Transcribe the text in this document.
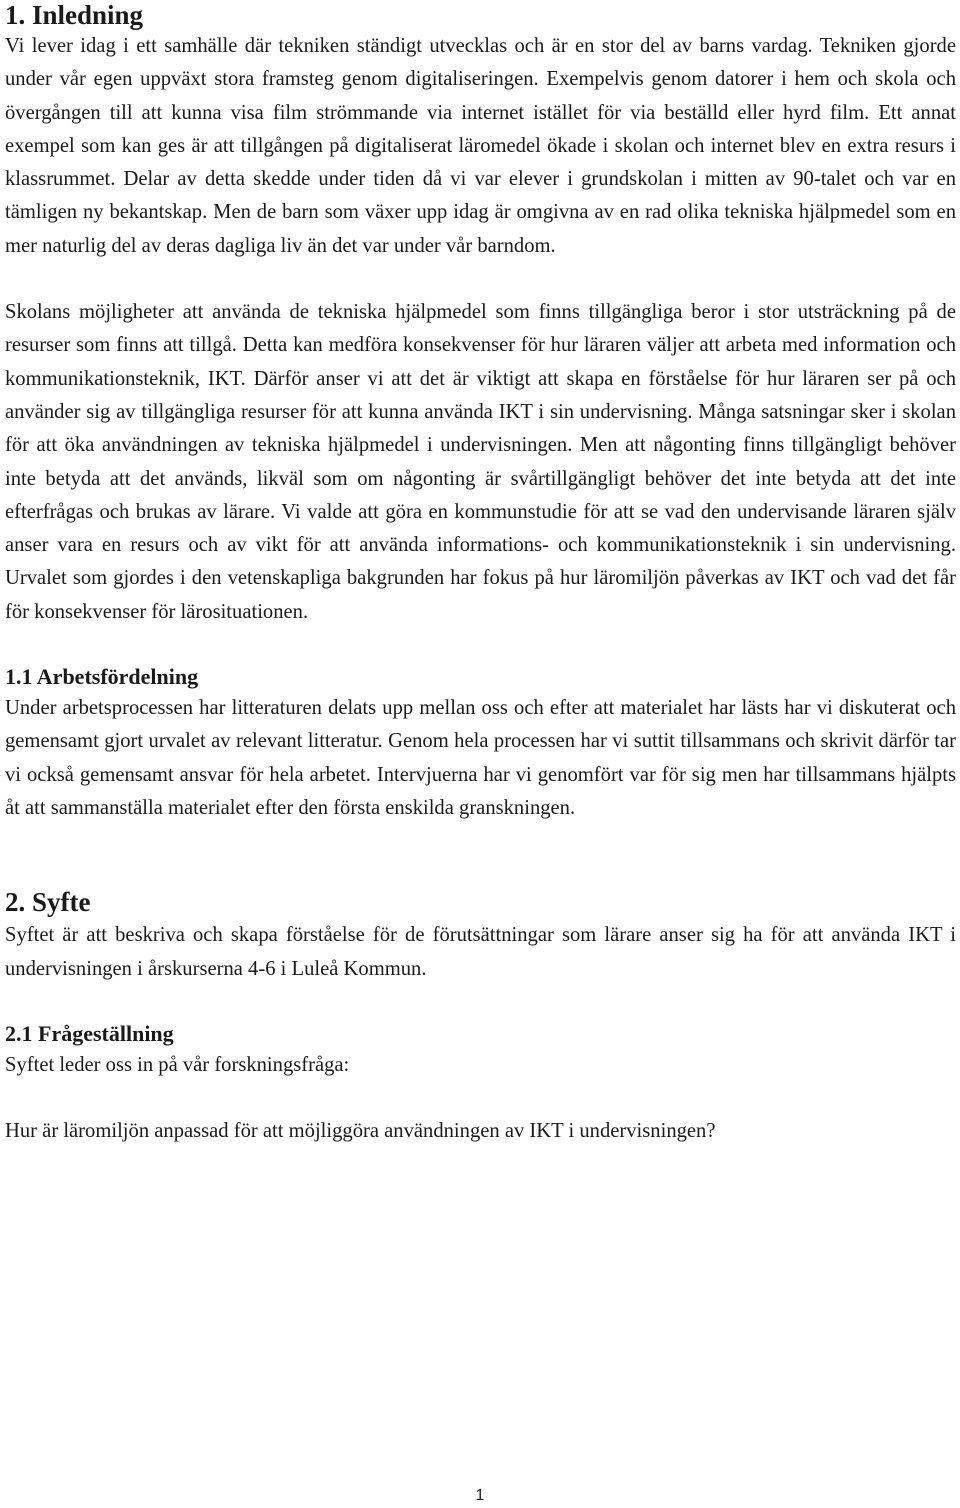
1. Inledning

Vi lever idag i ett samhälle där tekniken ständigt utvecklas och är en stor del av barns vardag. Tekniken gjorde under vår egen uppväxt stora framsteg genom digitaliseringen. Exempelvis genom datorer i hem och skola och övergången till att kunna visa film strömmande via internet istället för via beställd eller hyrd film. Ett annat exempel som kan ges är att tillgången på digitaliserat läromedel ökade i skolan och internet blev en extra resurs i klassrummet. Delar av detta skedde under tiden då vi var elever i grundskolan i mitten av 90-talet och var en tämligen ny bekantskap. Men de barn som växer upp idag är omgivna av en rad olika tekniska hjälpmedel som en mer naturlig del av deras dagliga liv än det var under vår barndom.

Skolans möjligheter att använda de tekniska hjälpmedel som finns tillgängliga beror i stor utsträckning på de resurser som finns att tillgå. Detta kan medföra konsekvenser för hur läraren väljer att arbeta med information och kommunikationsteknik, IKT. Därför anser vi att det är viktigt att skapa en förståelse för hur läraren ser på och använder sig av tillgängliga resurser för att kunna använda IKT i sin undervisning. Många satsningar sker i skolan för att öka användningen av tekniska hjälpmedel i undervisningen. Men att någonting finns tillgängligt behöver inte betyda att det används, likväl som om någonting är svårtillgängligt behöver det inte betyda att det inte efterfrågas och brukas av lärare. Vi valde att göra en kommunstudie för att se vad den undervisande läraren själv anser vara en resurs och av vikt för att använda informations- och kommunikationsteknik i sin undervisning. Urvalet som gjordes i den vetenskapliga bakgrunden har fokus på hur läromiljön påverkas av IKT och vad det får för konsekvenser för lärosituationen.

1.1 Arbetsfördelning

Under arbetsprocessen har litteraturen delats upp mellan oss och efter att materialet har lästs har vi diskuterat och gemensamt gjort urvalet av relevant litteratur. Genom hela processen har vi suttit tillsammans och skrivit därför tar vi också gemensamt ansvar för hela arbetet. Intervjuerna har vi genomfört var för sig men har tillsammans hjälpts åt att sammanställa materialet efter den första enskilda granskningen.

2. Syfte

Syftet är att beskriva och skapa förståelse för de förutsättningar som lärare anser sig ha för att använda IKT i undervisningen i årskurserna 4-6 i Luleå Kommun.

2.1 Frågeställning

Syftet leder oss in på vår forskningsfråga:

Hur är läromiljön anpassad för att möjliggöra användningen av IKT i undervisningen?

1
